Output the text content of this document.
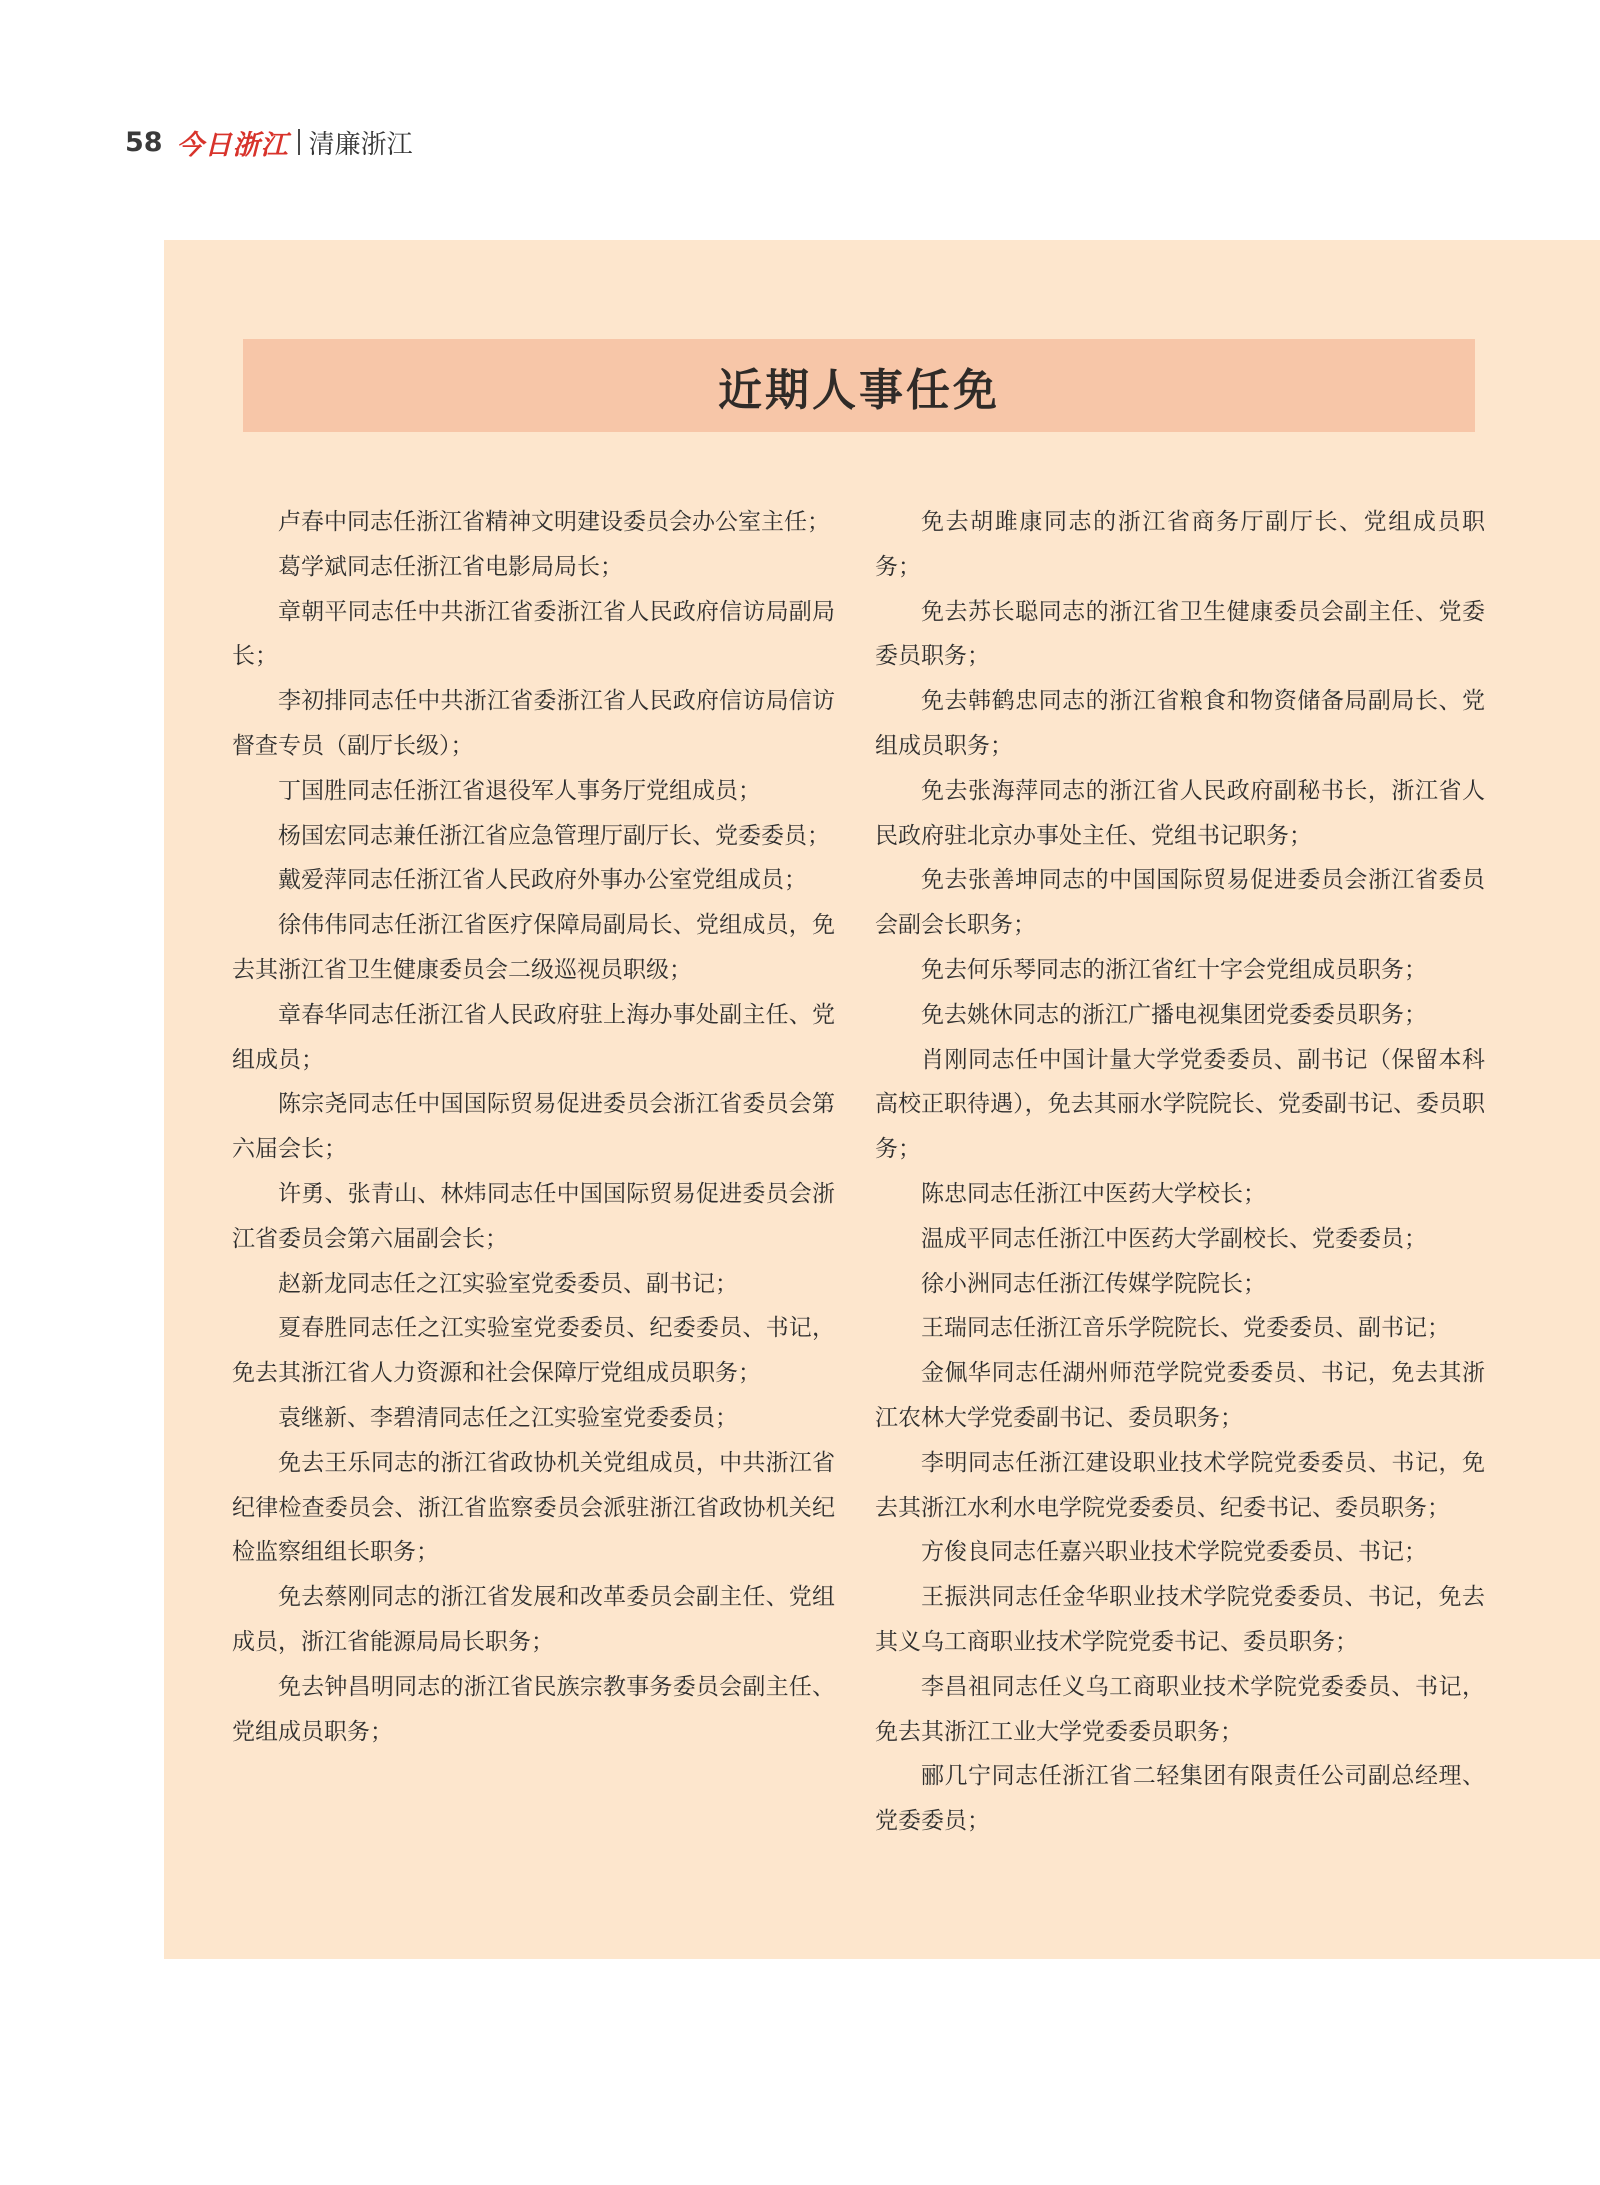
58 今日浙江 清廉浙江
近期人事任免

卢春中同志任浙江省精神文明建设委员会办公室主任；

葛学斌同志任浙江省电影局局长；

章朝平同志任中共浙江省委浙江省人民政府信访局副局长；

李初排同志任中共浙江省委浙江省人民政府信访局信访督查专员（副厅长级）；

丁国胜同志任浙江省退役军人事务厅党组成员；

杨国宏同志兼任浙江省应急管理厅副厅长、党委委员；

戴爱萍同志任浙江省人民政府外事办公室党组成员；

徐伟伟同志任浙江省医疗保障局副局长、党组成员，免去其浙江省卫生健康委员会二级巡视员职级；

章春华同志任浙江省人民政府驻上海办事处副主任、党组成员；

陈宗尧同志任中国国际贸易促进委员会浙江省委员会第六届会长；

许勇、张青山、林炜同志任中国国际贸易促进委员会浙江省委员会第六届副会长；

赵新龙同志任之江实验室党委委员、副书记；

夏春胜同志任之江实验室党委委员、纪委委员、书记，免去其浙江省人力资源和社会保障厅党组成员职务；

袁继新、李碧清同志任之江实验室党委委员；

免去王乐同志的浙江省政协机关党组成员，中共浙江省纪律检查委员会、浙江省监察委员会派驻浙江省政协机关纪检监察组组长职务；

免去蔡刚同志的浙江省发展和改革委员会副主任、党组成员，浙江省能源局局长职务；

免去钟昌明同志的浙江省民族宗教事务委员会副主任、党组成员职务；

免去胡雎康同志的浙江省商务厅副厅长、党组成员职务；

免去苏长聪同志的浙江省卫生健康委员会副主任、党委委员职务；

免去韩鹤忠同志的浙江省粮食和物资储备局副局长、党组成员职务；

免去张海萍同志的浙江省人民政府副秘书长，浙江省人民政府驻北京办事处主任、党组书记职务；

免去张善坤同志的中国国际贸易促进委员会浙江省委员会副会长职务；

免去何乐琴同志的浙江省红十字会党组成员职务；

免去姚休同志的浙江广播电视集团党委委员职务；

肖刚同志任中国计量大学党委委员、副书记（保留本科高校正职待遇），免去其丽水学院院长、党委副书记、委员职务；

陈忠同志任浙江中医药大学校长；

温成平同志任浙江中医药大学副校长、党委委员；

徐小洲同志任浙江传媒学院院长；

王瑞同志任浙江音乐学院院长、党委委员、副书记；

金佩华同志任湖州师范学院党委委员、书记，免去其浙江农林大学党委副书记、委员职务；

李明同志任浙江建设职业技术学院党委委员、书记，免去其浙江水利水电学院党委委员、纪委书记、委员职务；

方俊良同志任嘉兴职业技术学院党委委员、书记；

王振洪同志任金华职业技术学院党委委员、书记，免去其义乌工商职业技术学院党委书记、委员职务；

李昌祖同志任义乌工商职业技术学院党委委员、书记，免去其浙江工业大学党委委员职务；

郦几宁同志任浙江省二轻集团有限责任公司副总经理、党委委员；
